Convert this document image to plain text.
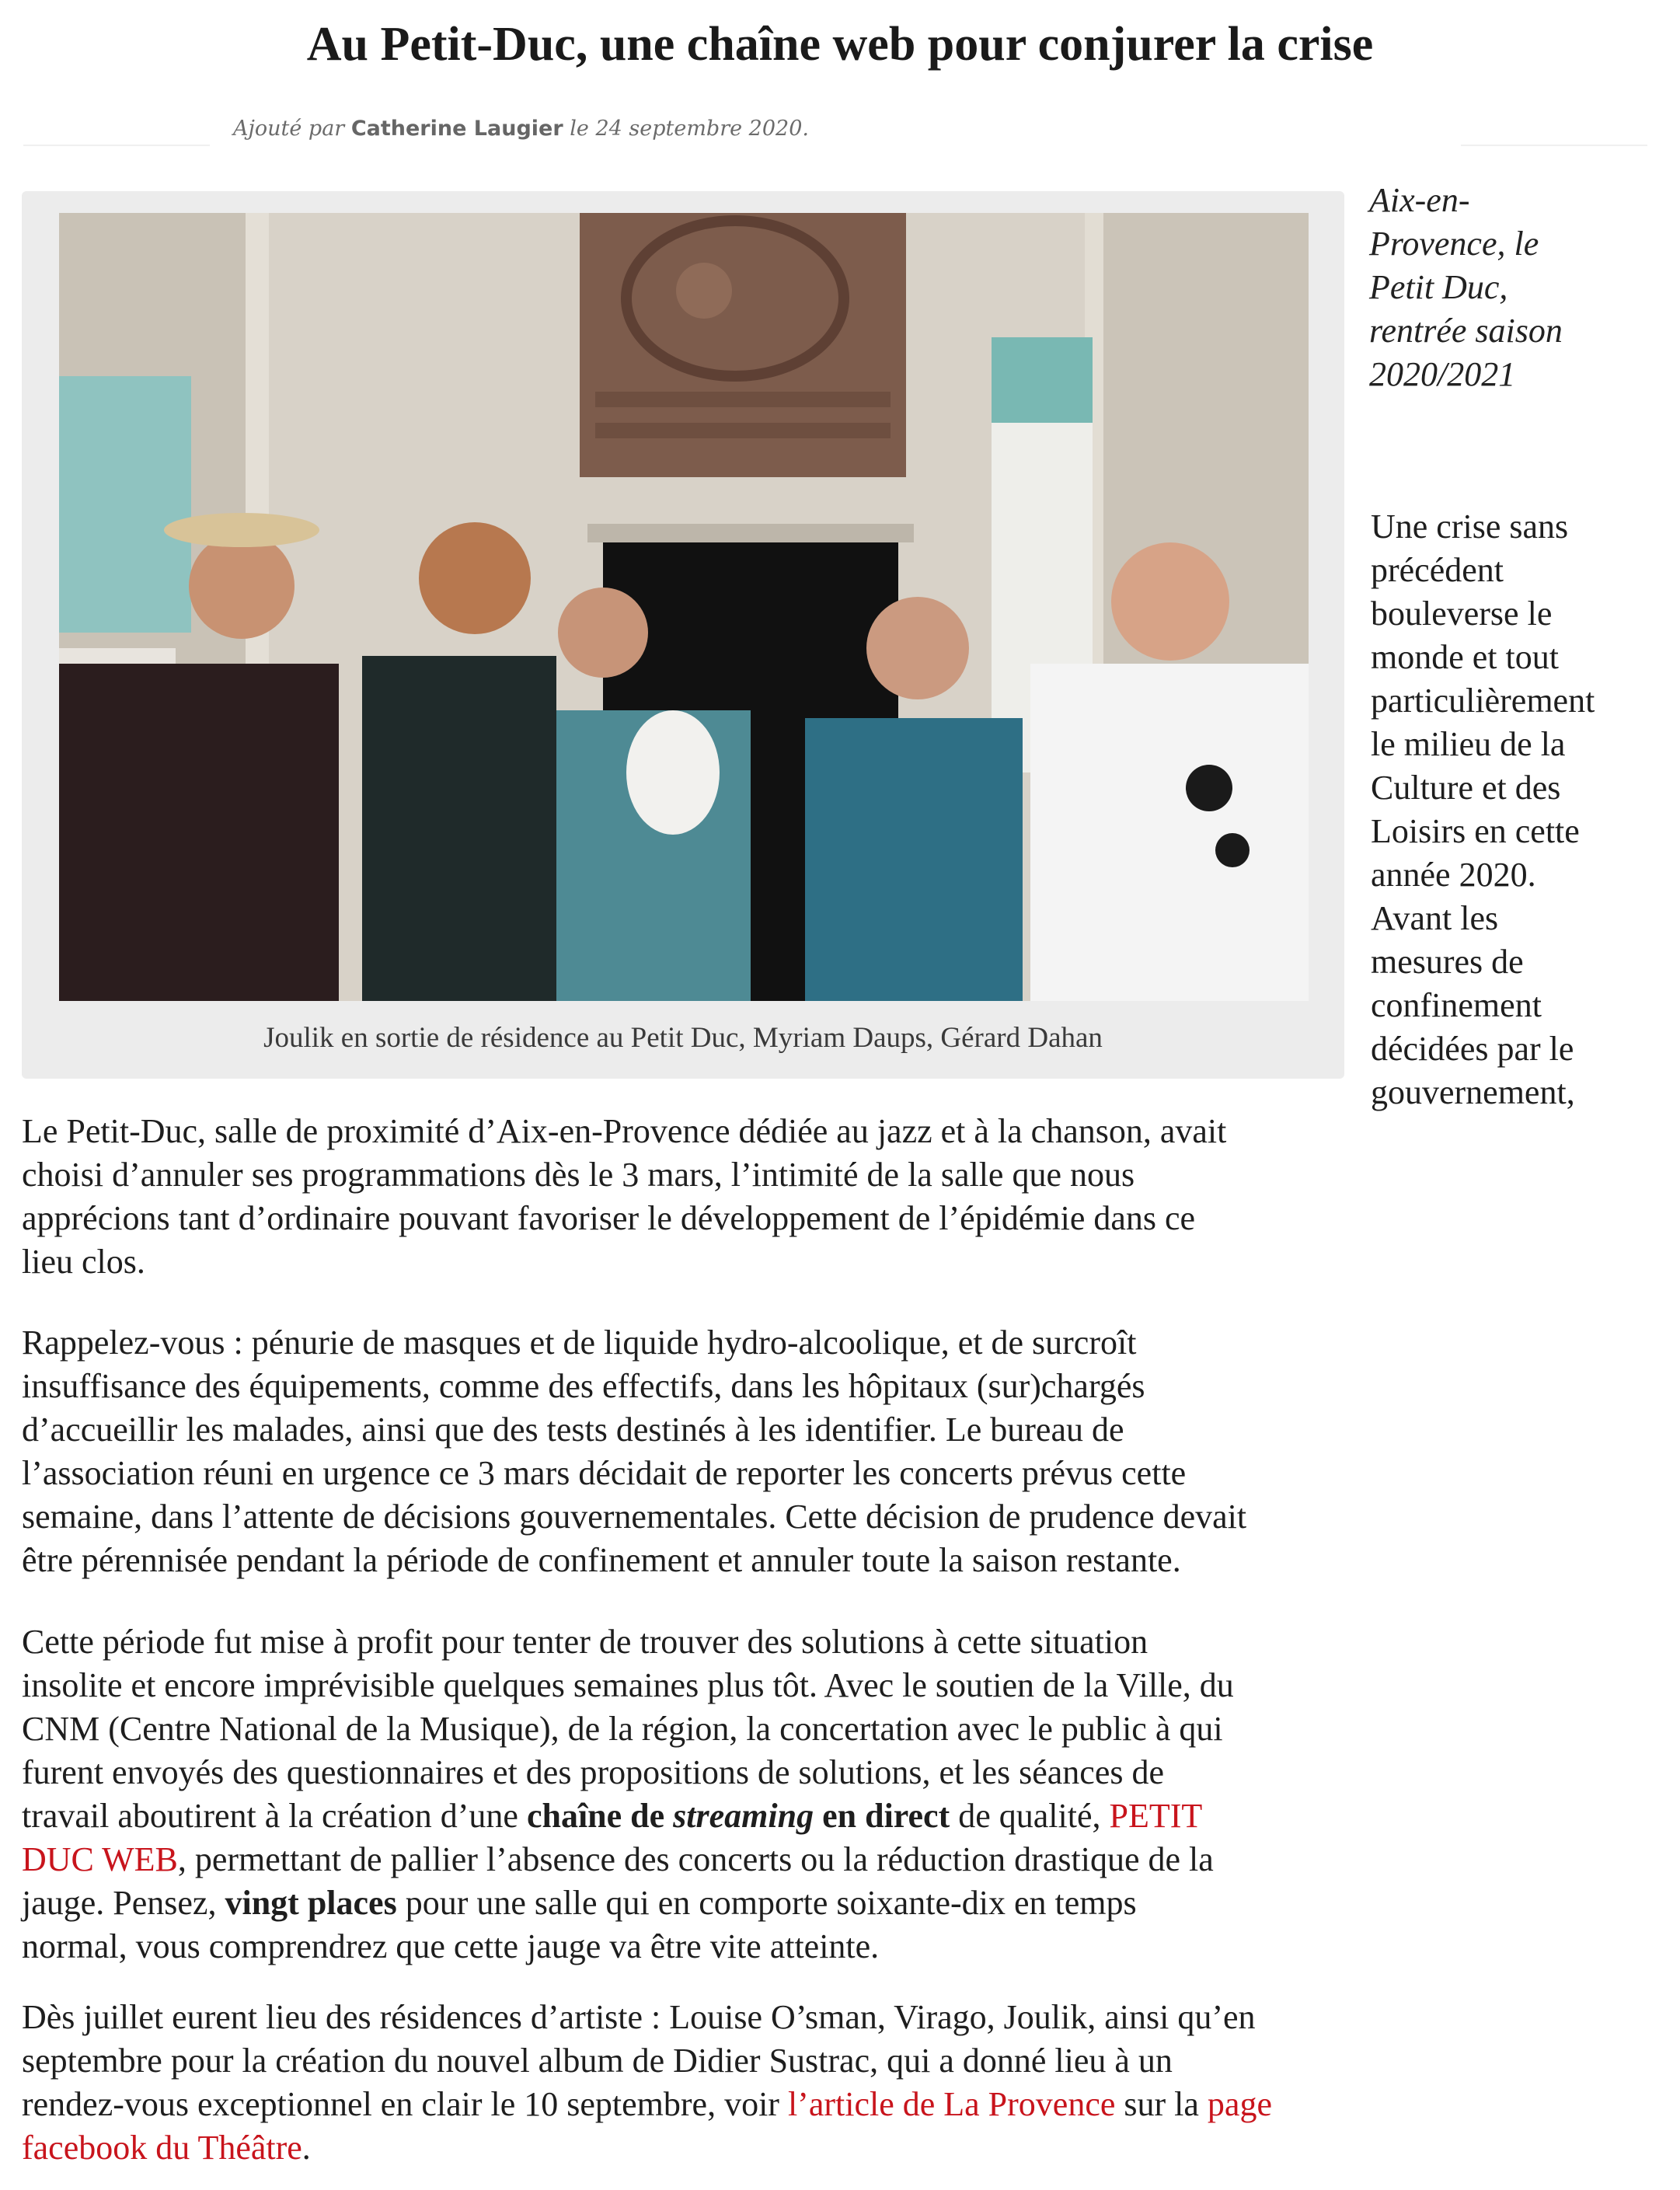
Au Petit-Duc, une chaîne web pour conjurer la crise
Ajouté par Catherine Laugier le 24 septembre 2020.
Joulik en sortie de résidence au Petit Duc, Myriam Daups, Gérard Dahan
Aix-en-
Provence, le
Petit Duc,
rentrée saison
2020/2021
Une crise sans
précédent
bouleverse le
monde et tout
particulièrement
le milieu de la
Culture et des
Loisirs en cette
année 2020.
Avant les
mesures de
confinement
décidées par le
gouvernement,
Le Petit-Duc, salle de proximité d’Aix-en-Provence dédiée au jazz et à la chanson, avait
choisi d’annuler ses programmations dès le 3 mars, l’intimité de la salle que nous
apprécions tant d’ordinaire pouvant favoriser le développement de l’épidémie dans ce
lieu clos.
Rappelez-vous : pénurie de masques et de liquide hydro-alcoolique, et de surcroît
insuffisance des équipements, comme des effectifs, dans les hôpitaux (sur)chargés
d’accueillir les malades, ainsi que des tests destinés à les identifier. Le bureau de
l’association réuni en urgence ce 3 mars décidait de reporter les concerts prévus cette
semaine, dans l’attente de décisions gouvernementales. Cette décision de prudence devait
être pérennisée pendant la période de confinement et annuler toute la saison restante.
Cette période fut mise à profit pour tenter de trouver des solutions à cette situation
insolite et encore imprévisible quelques semaines plus tôt. Avec le soutien de la Ville, du
CNM (Centre National de la Musique), de la région, la concertation avec le public à qui
furent envoyés des questionnaires et des propositions de solutions, et les séances de
travail aboutirent à la création d’une chaîne de streaming en direct de qualité, PETIT
DUC WEB, permettant de pallier l’absence des concerts ou la réduction drastique de la
jauge. Pensez, vingt places pour une salle qui en comporte soixante-dix en temps
normal, vous comprendrez que cette jauge va être vite atteinte.
Dès juillet eurent lieu des résidences d’artiste : Louise O’sman, Virago, Joulik, ainsi qu’en
septembre pour la création du nouvel album de Didier Sustrac, qui a donné lieu à un
rendez-vous exceptionnel en clair le 10 septembre, voir l’article de La Provence sur la page
facebook du Théâtre.
